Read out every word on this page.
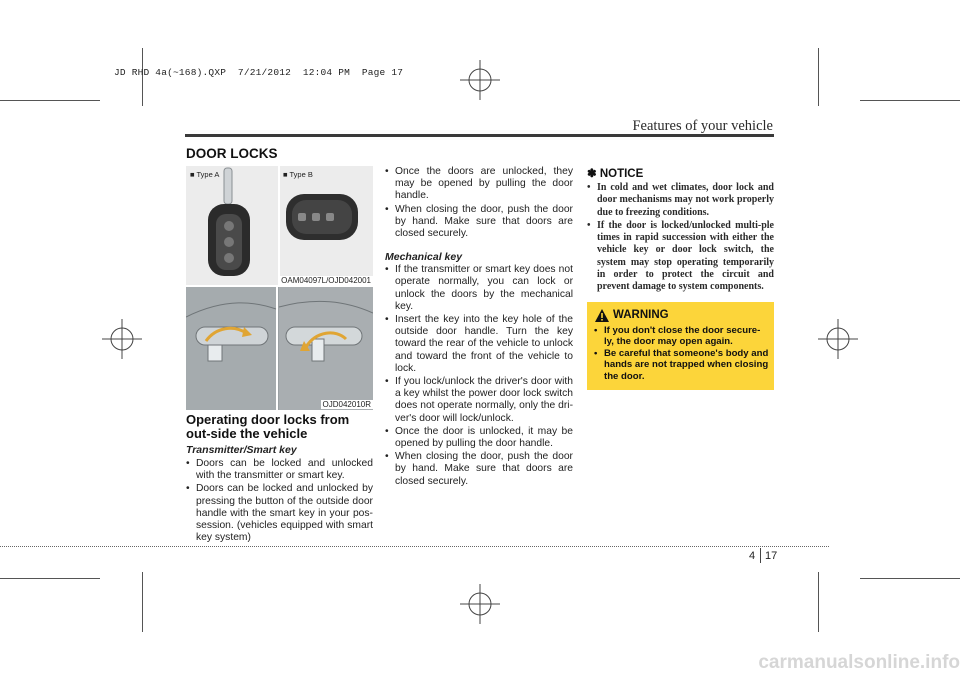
JD RHD 4a(~168).QXP  7/21/2012  12:04 PM  Page 17
Features of your vehicle
DOOR LOCKS
■ Type A	■ Type B
OAM04097L/OJD042001
OJD042010R
Operating door locks from out-side the vehicle
Transmitter/Smart key
• Doors can be locked and unlocked with the transmitter or smart key.
• Doors can be locked and unlocked by pressing the button of the outside door handle with the smart key in your pos-session. (vehicles equipped with smart key system)
• Once the doors are unlocked, they may be opened by pulling the door handle.
• When closing the door, push the door by hand. Make sure that doors are closed securely.
Mechanical key
• If the transmitter or smart key does not operate normally, you can lock or unlock the doors by the mechanical key.
• Insert the key into the key hole of the outside door handle. Turn the key toward the rear of the vehicle to unlock and toward the front of the vehicle to lock.
• If you lock/unlock the driver's door with a key whilst the power door lock switch does not operate normally, only the dri-ver's door will lock/unlock.
• Once the door is unlocked, it may be opened by pulling the door handle.
• When closing the door, push the door by hand. Make sure that doors are closed securely.
✽ NOTICE
• In cold and wet climates, door lock and door mechanisms may not work properly due to freezing conditions.
• If the door is locked/unlocked multi-ple times in rapid succession with either the vehicle key or door lock switch, the system may stop operating temporarily in order to protect the circuit and prevent damage to system components.
WARNING
• If you don't close the door secure-ly, the door may open again.
• Be careful that someone's body and hands are not trapped when closing the door.
4 17
carmanualsonline.info
